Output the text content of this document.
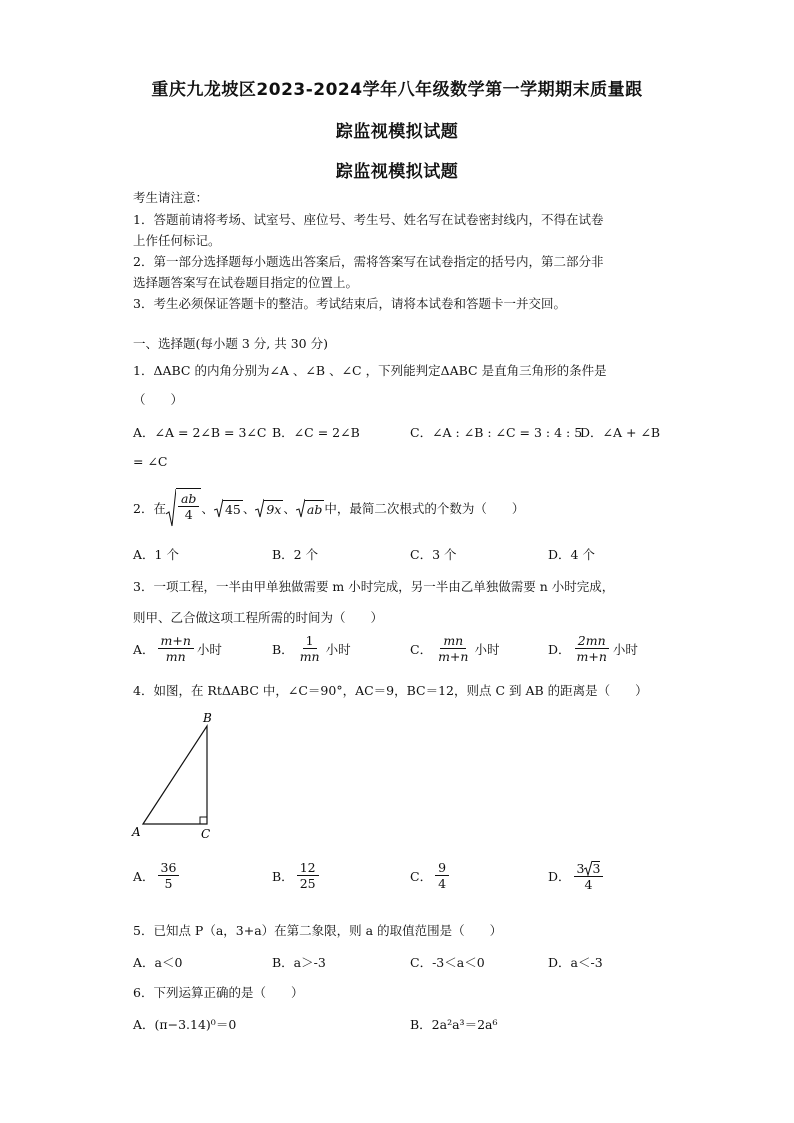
重庆九龙坡区2023-2024学年八年级数学第一学期期末质量跟
踪监视模拟试题
踪监视模拟试题
考生请注意：
1．答题前请将考场、试室号、座位号、考生号、姓名写在试卷密封线内，不得在试卷
上作任何标记。
2．第一部分选择题每小题选出答案后，需将答案写在试卷指定的括号内，第二部分非
选择题答案写在试卷题目指定的位置上。
3．考生必须保证答题卡的整洁。考试结束后，请将本试卷和答题卡一并交回。
一、选择题(每小题 3 分, 共 30 分)
1．ΔABC 的内角分别为∠A 、∠B 、∠C ，下列能判定ΔABC 是直角三角形的条件是
（　　）
A．∠A = 2∠B = 3∠C B．∠C = 2∠B	C．∠A : ∠B : ∠C = 3 : 4 : 5
D．∠A + ∠B
= ∠C
2．在 $\frac{ab}{4}$ 、 45 、 9x 、 ab 中，最简二次根式的个数为（　　）
A．1 个	B．2 个	C．3 个	D．4 个
3．一项工程，一半由甲单独做需要 m 小时完成，另一半由乙单独做需要 n 小时完成，
则甲、乙合做这项工程所需的时间为（　　）
A． $\frac{m+n}{mn}$ 小时	B． $\frac{1}{mn}$ 小时	C． $\frac{mn}{m+n}$ 小时	D． $\frac{2mn}{m+n}$ 小时
4．如图，在 RtΔABC 中，∠C＝90°，AC＝9，BC＝12，则点 C 到 AB 的距离是（　　）
A
B
C
A． $\frac{36}{5}$	B． $\frac{12}{25}$	C． $\frac{9}{4}$	D． $\frac{3 3}{4}$
5．已知点 P（a，3+a）在第二象限，则 a 的取值范围是（　　）
A．a＜0	B．a＞-3	C．-3＜a＜0	D．a＜-3
6．下列运算正确的是（　　）
A．(π−3.14)⁰＝0	B．2a²a³＝2a⁶
